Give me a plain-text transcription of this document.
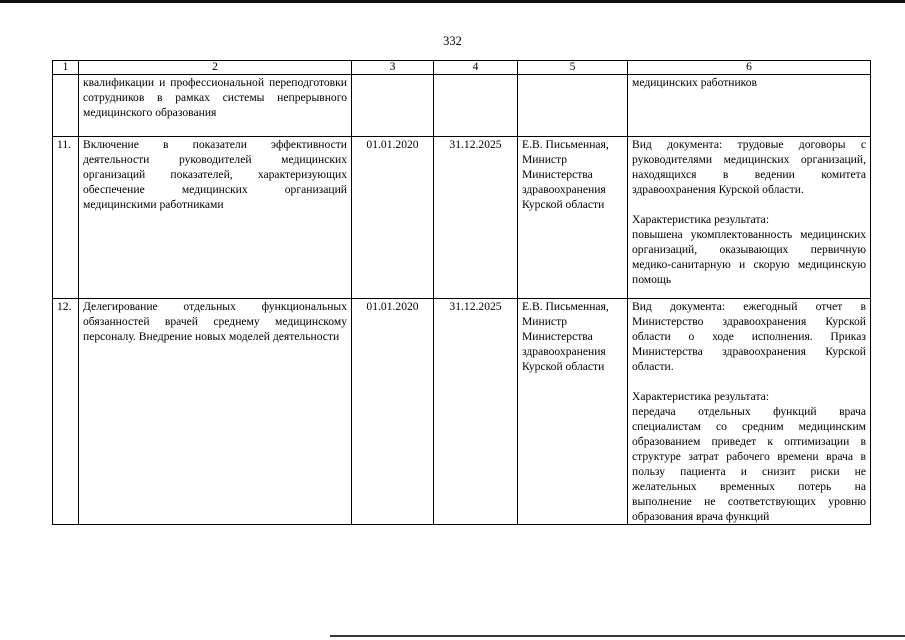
332
1	2	3	4	5	6
	квалификации и профессиональной переподготовки сотрудников в рамках системы непрерывного медицинского образования				медицинских работников

11.	Включение в показатели эффективности деятельности руководителей медицинских организаций показателей, характеризующих обеспечение медицинских организаций медицинскими работниками	01.01.2020	31.12.2025	Е.В. Письменная, Министр Министерства здравоохранения Курской области	Вид документа: трудовые договоры с руководителями медицинских организаций, находящихся в ведении комитета здравоохранения Курской области.
Характеристика результата:
повышена укомплектованность медицинских организаций, оказывающих первичную медико-санитарную и скорую медицинскую помощь

12.	Делегирование отдельных функциональных обязанностей врачей среднему медицинскому персоналу. Внедрение новых моделей деятельности	01.01.2020	31.12.2025	Е.В. Письменная, Министр Министерства здравоохранения Курской области	Вид документа: ежегодный отчет в Министерство здравоохранения Курской области о ходе исполнения. Приказ Министерства здравоохранения Курской области.
Характеристика результата:
передача отдельных функций врача специалистам со средним медицинским образованием приведет к оптимизации в структуре затрат рабочего времени врача в пользу пациента и снизит риски не желательных временных потерь на выполнение не соответствующих уровню образования врача функций
